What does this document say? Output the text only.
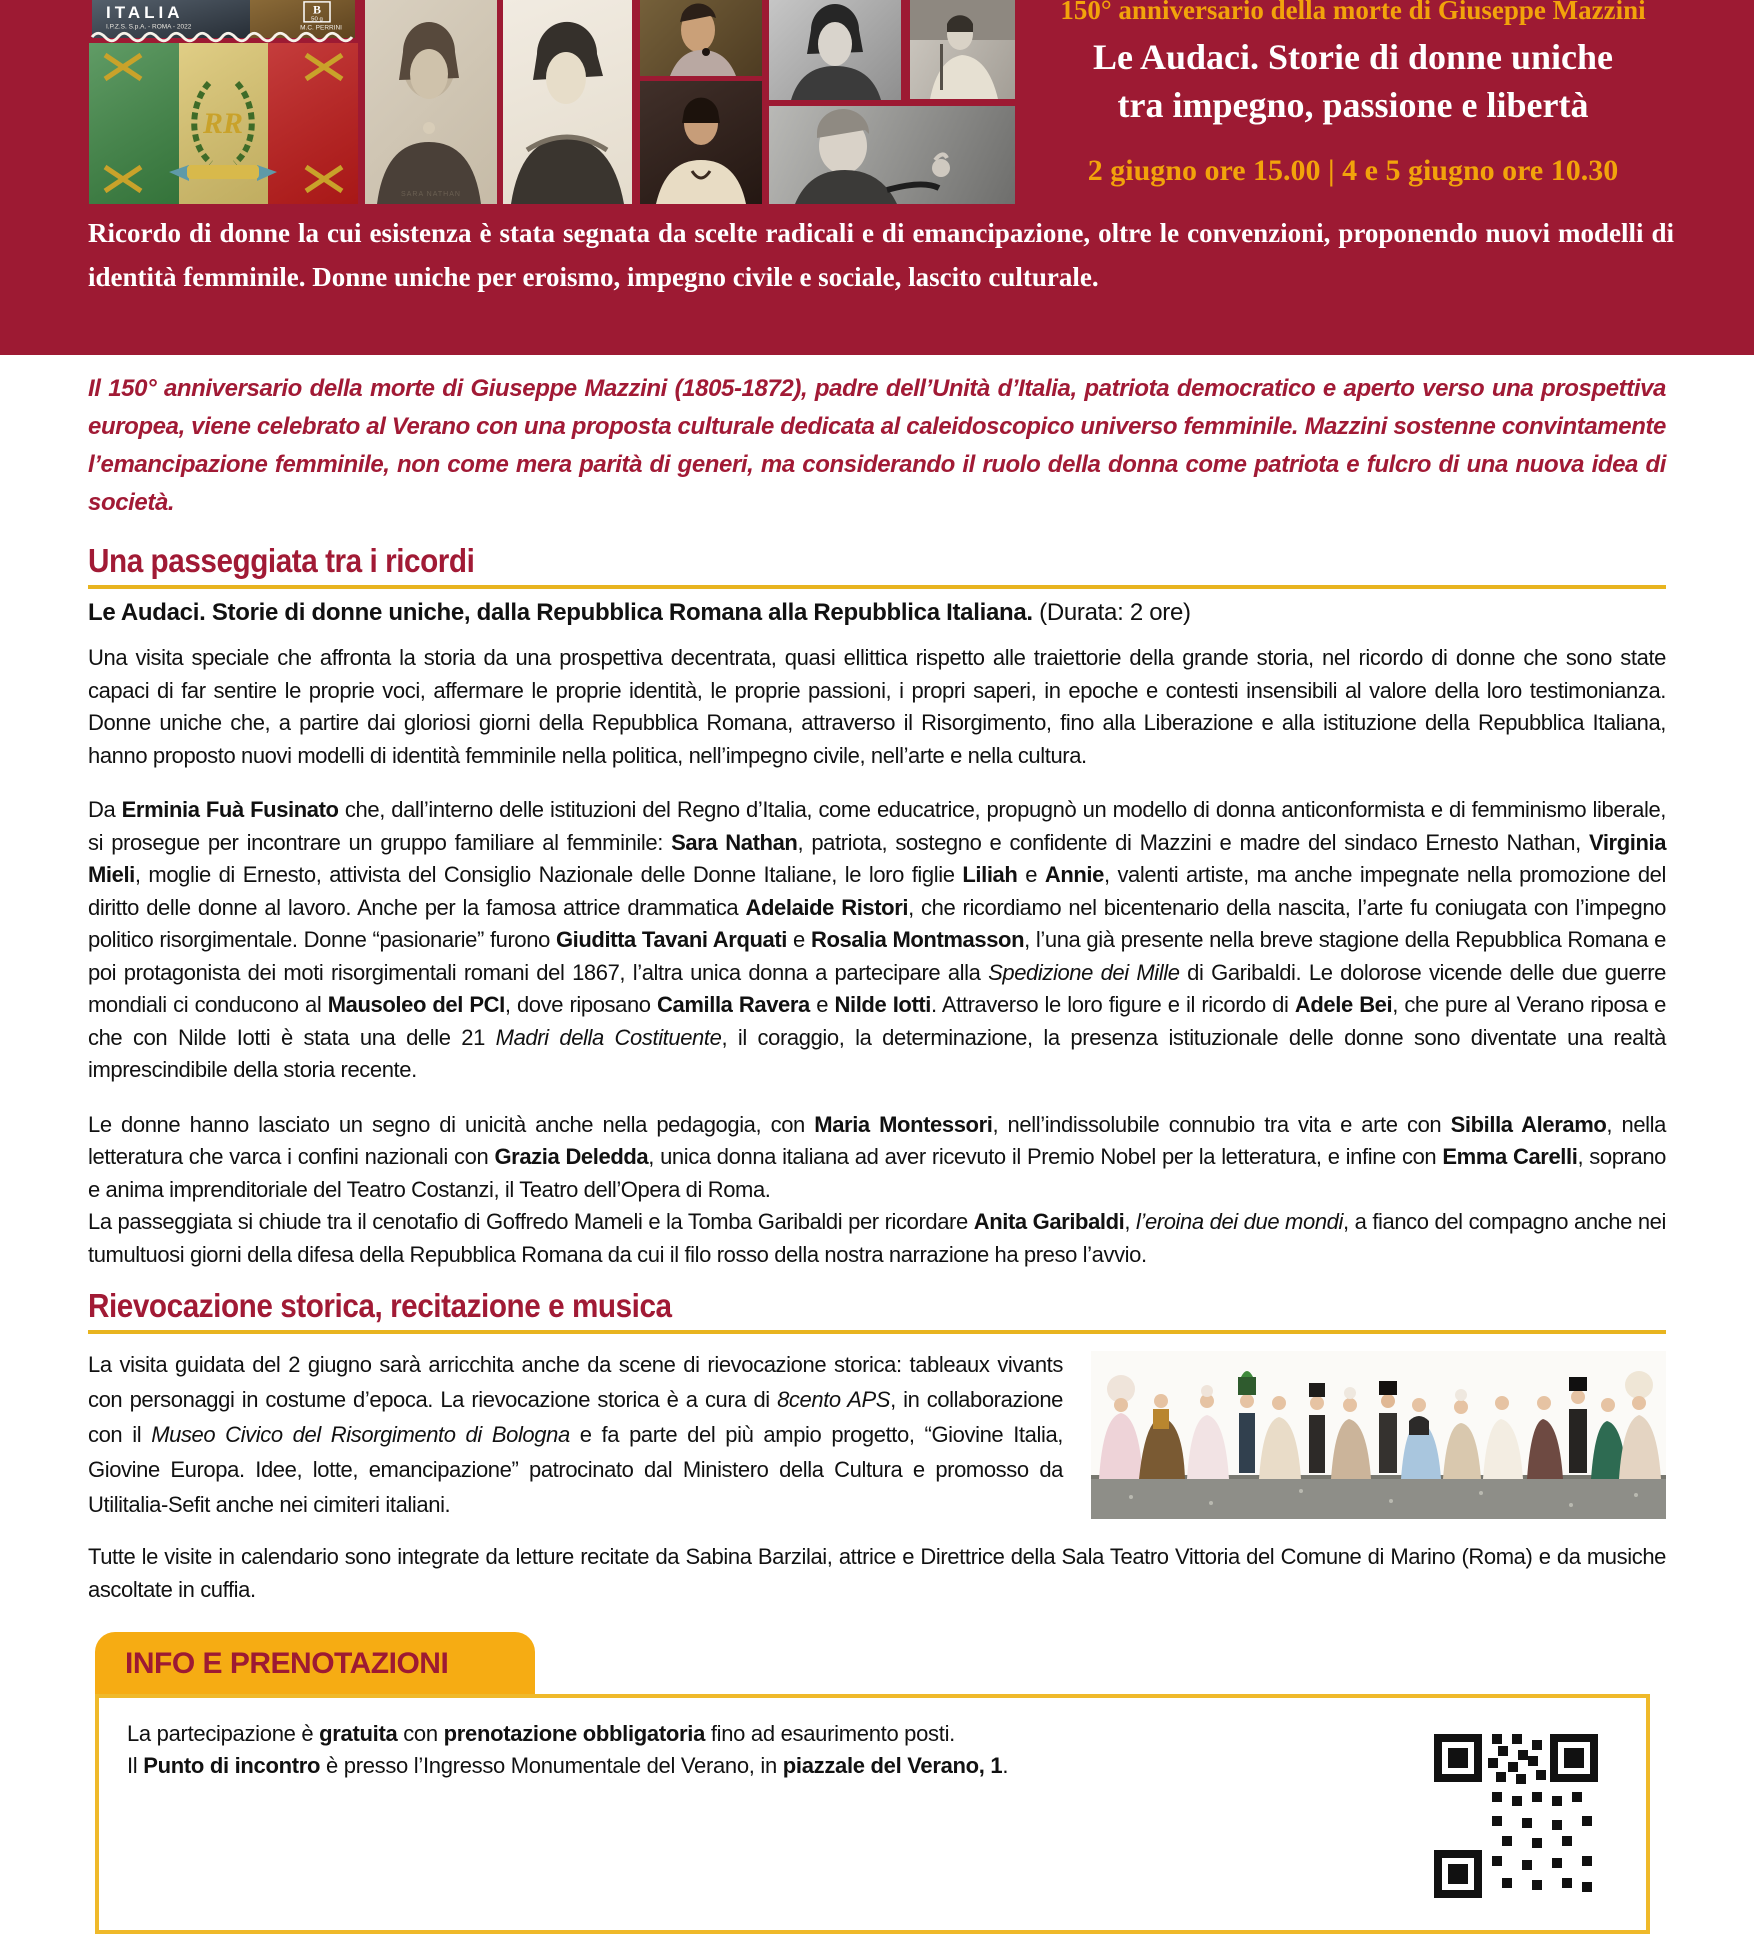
ITALIA
I.P.Z.S. S.p.A. - ROMA - 2022
B
50 g
M.C. PERRINI
RR
SARA NATHAN
150° anniversario della morte di Giuseppe Mazzini
Le Audaci. Storie di donne uniche
tra impegno, passione e libertà
2 giugno ore 15.00 | 4 e 5 giugno ore 10.30
Ricordo di donne la cui esistenza è stata segnata da scelte radicali e di emancipazione, oltre le convenzioni, proponendo nuovi modelli di identità femminile. Donne uniche per eroismo, impegno civile e sociale, lascito culturale.

Il 150° anniversario della morte di Giuseppe Mazzini (1805-1872), padre dell’Unità d’Italia, patriota democratico e aperto verso una prospettiva europea, viene celebrato al Verano con una proposta culturale dedicata al caleidoscopico universo femminile. Mazzini sostenne convintamente l’emancipazione femminile, non come mera parità di generi, ma considerando il ruolo della donna come patriota e fulcro di una nuova idea di società.

Una passeggiata tra i ricordi
Le Audaci. Storie di donne uniche, dalla Repubblica Romana alla Repubblica Italiana. (Durata: 2 ore)

Una visita speciale che affronta la storia da una prospettiva decentrata, quasi ellittica rispetto alle traiettorie della grande storia, nel ricordo di donne che sono state capaci di far sentire le proprie voci, affermare le proprie identità, le proprie passioni, i propri saperi, in epoche e contesti insensibili al valore della loro testimonianza. Donne uniche che, a partire dai gloriosi giorni della Repubblica Romana, attraverso il Risorgimento, fino alla Liberazione e alla istituzione della Repubblica Italiana, hanno proposto nuovi modelli di identità femminile nella politica, nell’impegno civile, nell’arte e nella cultura.

Da Erminia Fuà Fusinato che, dall’interno delle istituzioni del Regno d’Italia, come educatrice, propugnò un modello di donna anticonformista e di femminismo liberale, si prosegue per incontrare un gruppo familiare al femminile: Sara Nathan, patriota, sostegno e confidente di Mazzini e madre del sindaco Ernesto Nathan, Virginia Mieli, moglie di Ernesto, attivista del Consiglio Nazionale delle Donne Italiane, le loro figlie Liliah e Annie, valenti artiste, ma anche impegnate nella promozione del diritto delle donne al lavoro. Anche per la famosa attrice drammatica Adelaide Ristori, che ricordiamo nel bicentenario della nascita, l’arte fu coniugata con l’impegno politico risorgimentale. Donne “pasionarie” furono Giuditta Tavani Arquati e Rosalia Montmasson, l’una già presente nella breve stagione della Repubblica Romana e poi protagonista dei moti risorgimentali romani del 1867, l’altra unica donna a partecipare alla Spedizione dei Mille di Garibaldi. Le dolorose vicende delle due guerre mondiali ci conducono al Mausoleo del PCI, dove riposano Camilla Ravera e Nilde Iotti. Attraverso le loro figure e il ricordo di Adele Bei, che pure al Verano riposa e che con Nilde Iotti è stata una delle 21 Madri della Costituente, il coraggio, la determinazione, la presenza istituzionale delle donne sono diventate una realtà imprescindibile della storia recente.

Le donne hanno lasciato un segno di unicità anche nella pedagogia, con Maria Montessori, nell’indissolubile connubio tra vita e arte con Sibilla Aleramo, nella letteratura che varca i confini nazionali con Grazia Deledda, unica donna italiana ad aver ricevuto il Premio Nobel per la letteratura, e infine con Emma Carelli, soprano e anima imprenditoriale del Teatro Costanzi, il Teatro dell’Opera di Roma.

La passeggiata si chiude tra il cenotafio di Goffredo Mameli e la Tomba Garibaldi per ricordare Anita Garibaldi, l’eroina dei due mondi, a fianco del compagno anche nei tumultuosi giorni della difesa della Repubblica Romana da cui il filo rosso della nostra narrazione ha preso l’avvio.

Rievocazione storica, recitazione e musica
La visita guidata del 2 giugno sarà arricchita anche da scene di rievocazione storica: tableaux vivants con personaggi in costume d’epoca. La rievocazione storica è a cura di 8cento APS, in collaborazione con il Museo Civico del Risorgimento di Bologna e fa parte del più ampio progetto, “Giovine Italia, Giovine Europa. Idee, lotte, emancipazione” patrocinato dal Ministero della Cultura e promosso da Utilitalia-Sefit anche nei cimiteri italiani.

Tutte le visite in calendario sono integrate da letture recitate da Sabina Barzilai, attrice e Direttrice della Sala Teatro Vittoria del Comune di Marino (Roma) e da musiche ascoltate in cuffia.

INFO E PRENOTAZIONI
La partecipazione è gratuita con prenotazione obbligatoria fino ad esaurimento posti.
Il Punto di incontro è presso l’Ingresso Monumentale del Verano, in piazzale del Verano, 1.
